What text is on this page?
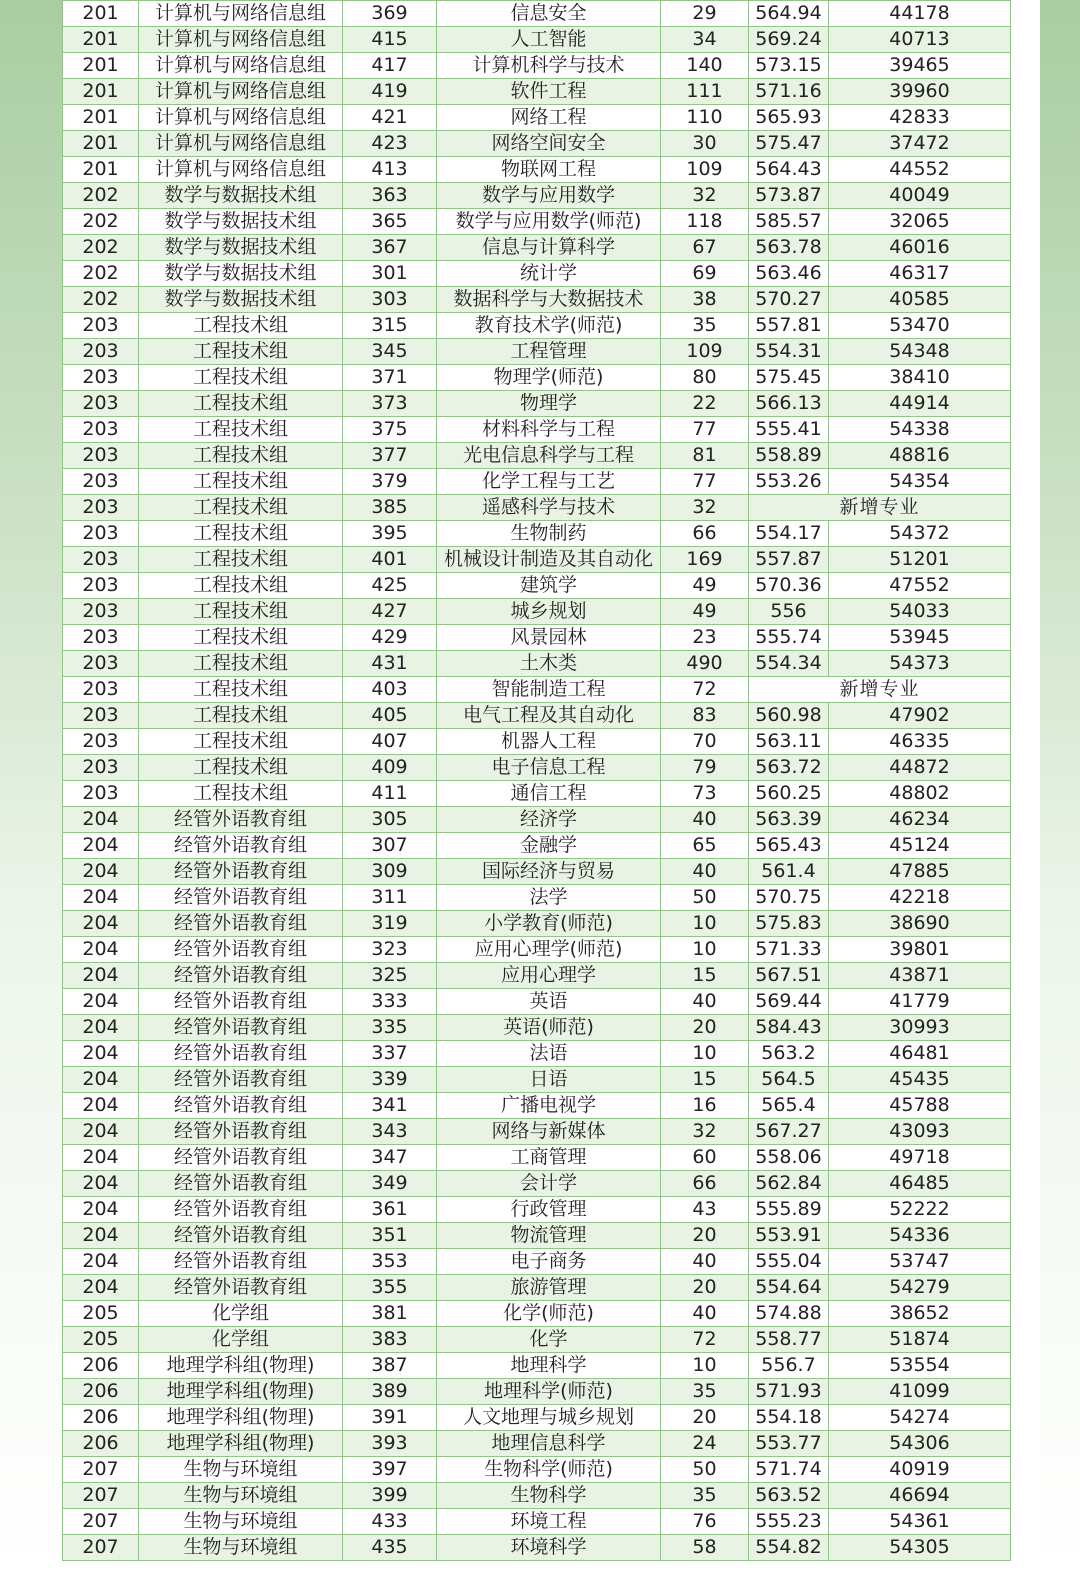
201	计算机与网络信息组	369	信息安全	29	564.94	44178
201	计算机与网络信息组	415	人工智能	34	569.24	40713
201	计算机与网络信息组	417	计算机科学与技术	140	573.15	39465
201	计算机与网络信息组	419	软件工程	111	571.16	39960
201	计算机与网络信息组	421	网络工程	110	565.93	42833
201	计算机与网络信息组	423	网络空间安全	30	575.47	37472
201	计算机与网络信息组	413	物联网工程	109	564.43	44552
202	数学与数据技术组	363	数学与应用数学	32	573.87	40049
202	数学与数据技术组	365	数学与应用数学(师范)	118	585.57	32065
202	数学与数据技术组	367	信息与计算科学	67	563.78	46016
202	数学与数据技术组	301	统计学	69	563.46	46317
202	数学与数据技术组	303	数据科学与大数据技术	38	570.27	40585
203	工程技术组	315	教育技术学(师范)	35	557.81	53470
203	工程技术组	345	工程管理	109	554.31	54348
203	工程技术组	371	物理学(师范)	80	575.45	38410
203	工程技术组	373	物理学	22	566.13	44914
203	工程技术组	375	材料科学与工程	77	555.41	54338
203	工程技术组	377	光电信息科学与工程	81	558.89	48816
203	工程技术组	379	化学工程与工艺	77	553.26	54354
203	工程技术组	385	遥感科学与技术	32	新增专业	
203	工程技术组	395	生物制药	66	554.17	54372
203	工程技术组	401	机械设计制造及其自动化	169	557.87	51201
203	工程技术组	425	建筑学	49	570.36	47552
203	工程技术组	427	城乡规划	49	556	54033
203	工程技术组	429	风景园林	23	555.74	53945
203	工程技术组	431	土木类	490	554.34	54373
203	工程技术组	403	智能制造工程	72	新增专业	
203	工程技术组	405	电气工程及其自动化	83	560.98	47902
203	工程技术组	407	机器人工程	70	563.11	46335
203	工程技术组	409	电子信息工程	79	563.72	44872
203	工程技术组	411	通信工程	73	560.25	48802
204	经管外语教育组	305	经济学	40	563.39	46234
204	经管外语教育组	307	金融学	65	565.43	45124
204	经管外语教育组	309	国际经济与贸易	40	561.4	47885
204	经管外语教育组	311	法学	50	570.75	42218
204	经管外语教育组	319	小学教育(师范)	10	575.83	38690
204	经管外语教育组	323	应用心理学(师范)	10	571.33	39801
204	经管外语教育组	325	应用心理学	15	567.51	43871
204	经管外语教育组	333	英语	40	569.44	41779
204	经管外语教育组	335	英语(师范)	20	584.43	30993
204	经管外语教育组	337	法语	10	563.2	46481
204	经管外语教育组	339	日语	15	564.5	45435
204	经管外语教育组	341	广播电视学	16	565.4	45788
204	经管外语教育组	343	网络与新媒体	32	567.27	43093
204	经管外语教育组	347	工商管理	60	558.06	49718
204	经管外语教育组	349	会计学	66	562.84	46485
204	经管外语教育组	361	行政管理	43	555.89	52222
204	经管外语教育组	351	物流管理	20	553.91	54336
204	经管外语教育组	353	电子商务	40	555.04	53747
204	经管外语教育组	355	旅游管理	20	554.64	54279
205	化学组	381	化学(师范)	40	574.88	38652
205	化学组	383	化学	72	558.77	51874
206	地理学科组(物理)	387	地理科学	10	556.7	53554
206	地理学科组(物理)	389	地理科学(师范)	35	571.93	41099
206	地理学科组(物理)	391	人文地理与城乡规划	20	554.18	54274
206	地理学科组(物理)	393	地理信息科学	24	553.77	54306
207	生物与环境组	397	生物科学(师范)	50	571.74	40919
207	生物与环境组	399	生物科学	35	563.52	46694
207	生物与环境组	433	环境工程	76	555.23	54361
207	生物与环境组	435	环境科学	58	554.82	54305
